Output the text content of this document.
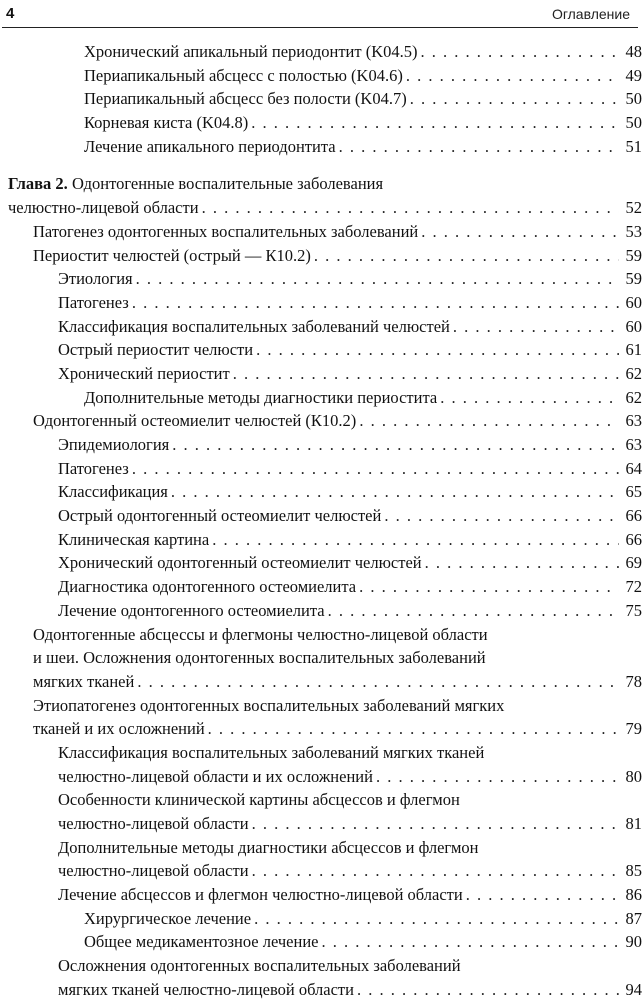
4	Оглавление
Хронический апикальный периодонтит (K04.5) . . .	48
Периапикальный абсцесс с полостью (K04.6) . . .	49
Периапикальный абсцесс без полости (K04.7) . . .	50
Корневая киста (K04.8) . . .	50
Лечение апикального периодонтита . . .	51
Глава 2. Одонтогенные воспалительные заболевания
челюстно-лицевой области . . .	52
Патогенез одонтогенных воспалительных заболеваний . . .	53
Периостит челюстей (острый — К10.2) . . .	59
Этиология . . .	59
Патогенез . . .	60
Классификация воспалительных заболеваний челюстей . . .	60
Острый периостит челюсти . . .	61
Хронический периостит . . .	62
Дополнительные методы диагностики периостита . . .	62
Одонтогенный остеомиелит челюстей (К10.2) . . .	63
Эпидемиология . . .	63
Патогенез . . .	64
Классификация . . .	65
Острый одонтогенный остеомиелит челюстей . . .	66
Клиническая картина . . .	66
Хронический одонтогенный остеомиелит челюстей . . .	69
Диагностика одонтогенного остеомиелита . . .	72
Лечение одонтогенного остеомиелита . . .	75
Одонтогенные абсцессы и флегмоны челюстно-лицевой области
и шеи. Осложнения одонтогенных воспалительных заболеваний
мягких тканей . . .	78
Этиопатогенез одонтогенных воспалительных заболеваний мягких
тканей и их осложнений . . .	79
Классификация воспалительных заболеваний мягких тканей
челюстно-лицевой области и их осложнений . . .	80
Особенности клинической картины абсцессов и флегмон
челюстно-лицевой области . . .	81
Дополнительные методы диагностики абсцессов и флегмон
челюстно-лицевой области . . .	85
Лечение абсцессов и флегмон челюстно-лицевой области . . .	86
Хирургическое лечение . . .	87
Общее медикаментозное лечение . . .	90
Осложнения одонтогенных воспалительных заболеваний
мягких тканей челюстно-лицевой области . . .	94
